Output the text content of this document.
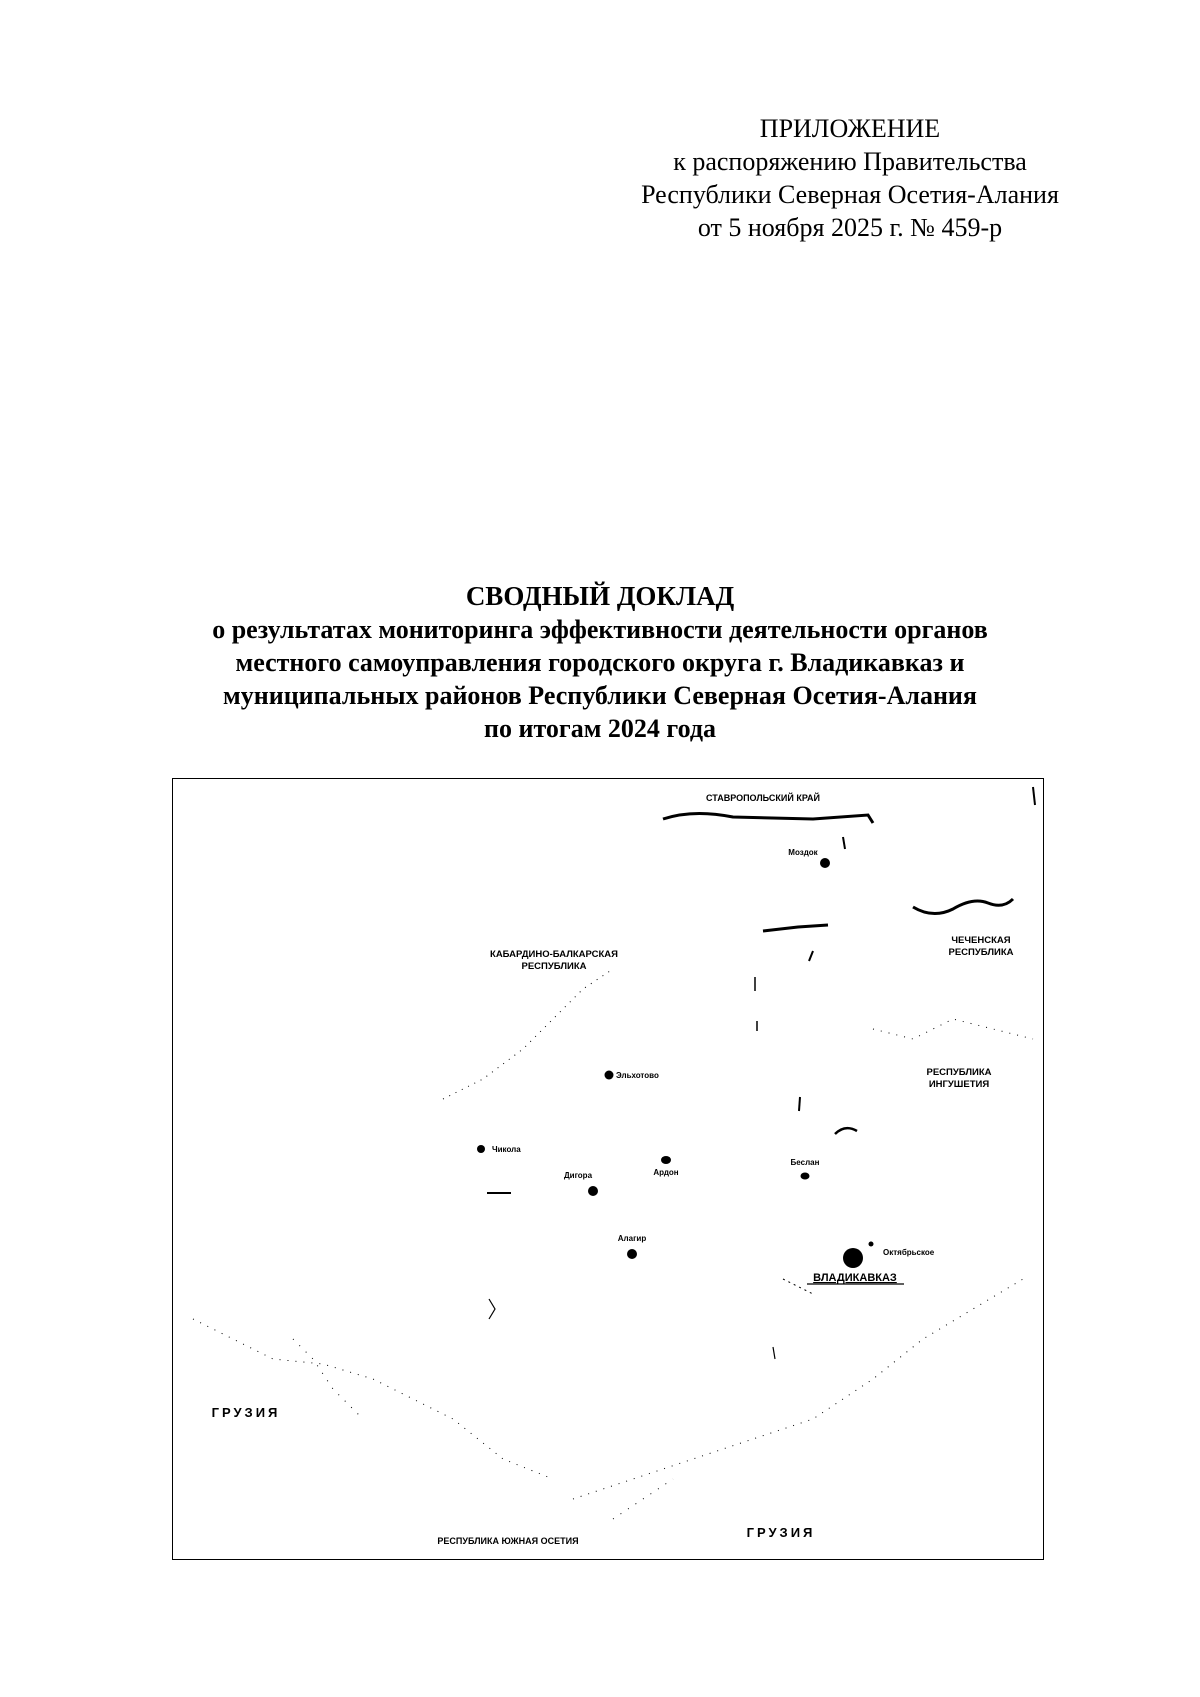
ПРИЛОЖЕНИЕ
к распоряжению Правительства
Республики Северная Осетия-Алания
от 5 ноября 2025 г. № 459-р
СВОДНЫЙ ДОКЛАД
о результатах мониторинга эффективности деятельности органов
местного самоуправления городского округа г. Владикавказ и
муниципальных районов Республики Северная Осетия-Алания
по итогам 2024 года
СТАВРОПОЛЬСКИЙ КРАЙ
КАБАРДИНО-БАЛКАРСКАЯ
РЕСПУБЛИКА
ЧЕЧЕНСКАЯ
РЕСПУБЛИКА
РЕСПУБЛИКА
ИНГУШЕТИЯ
ГРУЗИЯ
ГРУЗИЯ
РЕСПУБЛИКА ЮЖНАЯ ОСЕТИЯ
Моздок
Эльхотово
Чикола
Дигора	Ардон
Беслан
Алагир
Октябрьское
ВЛАДИКАВКАЗ
